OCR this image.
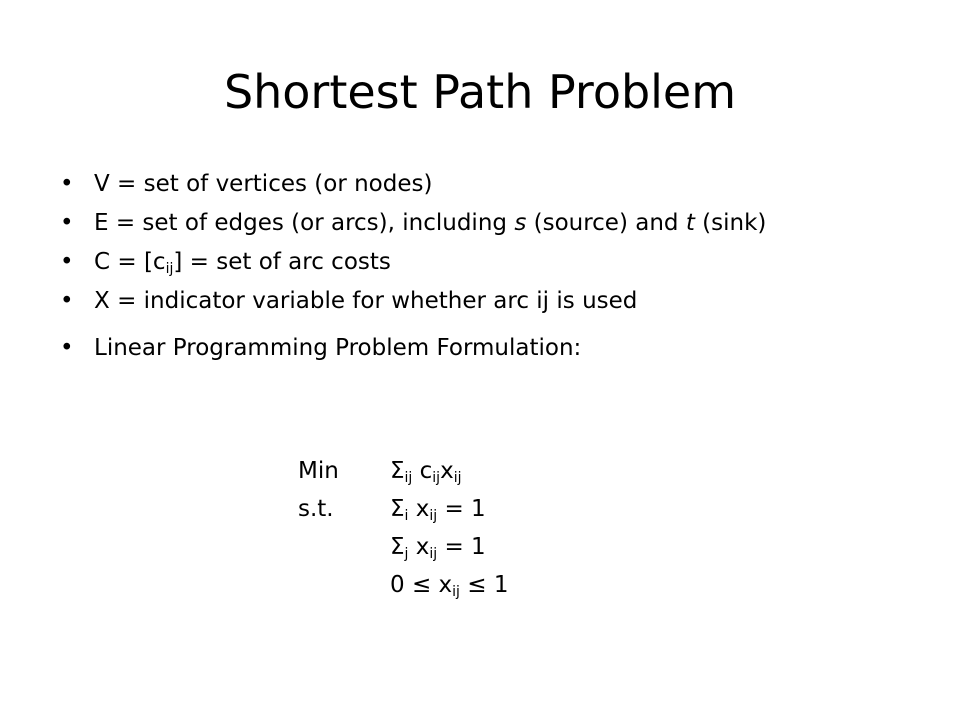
Shortest Path Problem
• V = set of vertices (or nodes)
• E = set of edges (or arcs), including s (source) and t (sink)
• $C = [c_{ij}]$ = set of arc costs
• X = indicator variable for whether arc ij is used
• Linear Programming Problem Formulation:
Min	$\Sigma_{ij}$ $c_{ij}x_{ij}$
s.t.	$\Sigma_i$ $x_{ij} = 1$
$\Sigma_j$ $x_{ij} = 1$
$0 \le x_{ij} \le 1$
